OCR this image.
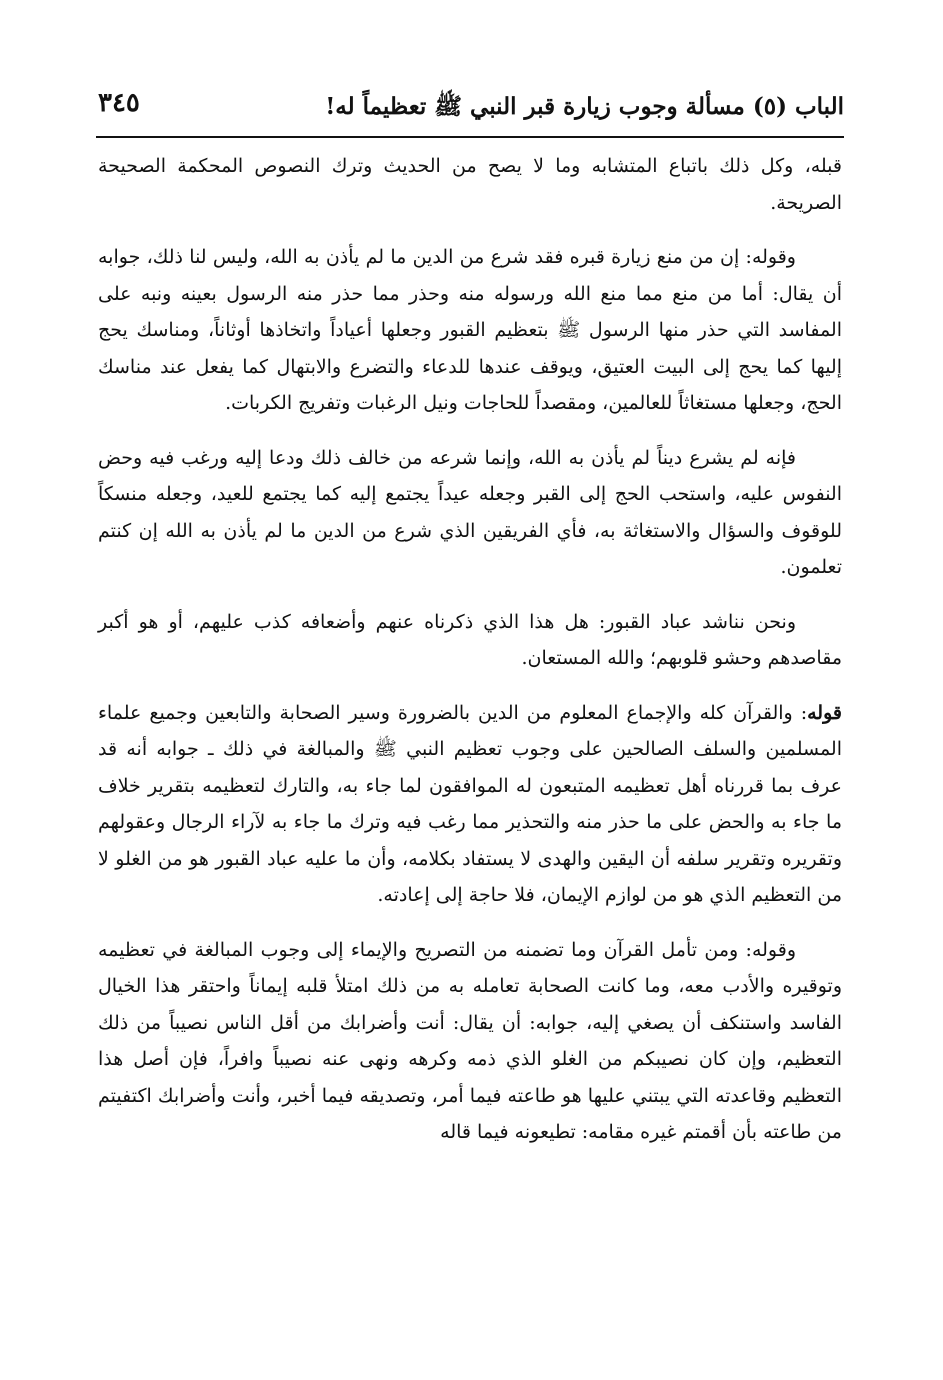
الباب (٥) مسألة وجوب زيارة قبر النبي ﷺ تعظيماً له!
٣٤٥

قبله، وكل ذلك باتباع المتشابه وما لا يصح من الحديث وترك النصوص المحكمة الصحيحة الصريحة.

وقوله: إن من منع زيارة قبره فقد شرع من الدين ما لم يأذن به الله، وليس لنا ذلك، جوابه أن يقال: أما من منع مما منع الله ورسوله منه وحذر مما حذر منه الرسول بعينه ونبه على المفاسد التي حذر منها الرسول ﷺ بتعظيم القبور وجعلها أعياداً واتخاذها أوثاناً، ومناسك يحج إليها كما يحج إلى البيت العتيق، ويوقف عندها للدعاء والتضرع والابتهال كما يفعل عند مناسك الحج، وجعلها مستغاثاً للعالمين، ومقصداً للحاجات ونيل الرغبات وتفريج الكربات.

فإنه لم يشرع ديناً لم يأذن به الله، وإنما شرعه من خالف ذلك ودعا إليه ورغب فيه وحض النفوس عليه، واستحب الحج إلى القبر وجعله عيداً يجتمع إليه كما يجتمع للعيد، وجعله منسكاً للوقوف والسؤال والاستغاثة به، فأي الفريقين الذي شرع من الدين ما لم يأذن به الله إن كنتم تعلمون.

ونحن نناشد عباد القبور: هل هذا الذي ذكرناه عنهم وأضعافه كذب عليهم، أو هو أكبر مقاصدهم وحشو قلوبهم؛ والله المستعان.

قوله: والقرآن كله والإجماع المعلوم من الدين بالضرورة وسير الصحابة والتابعين وجميع علماء المسلمين والسلف الصالحين على وجوب تعظيم النبي ﷺ والمبالغة في ذلك ـ جوابه أنه قد عرف بما قررناه أهل تعظيمه المتبعون له الموافقون لما جاء به، والتارك لتعظيمه بتقرير خلاف ما جاء به والحض على ما حذر منه والتحذير مما رغب فيه وترك ما جاء به لآراء الرجال وعقولهم وتقريره وتقرير سلفه أن اليقين والهدى لا يستفاد بكلامه، وأن ما عليه عباد القبور هو من الغلو لا من التعظيم الذي هو من لوازم الإيمان، فلا حاجة إلى إعادته.

وقوله: ومن تأمل القرآن وما تضمنه من التصريح والإيماء إلى وجوب المبالغة في تعظيمه وتوقيره والأدب معه، وما كانت الصحابة تعامله به من ذلك امتلأ قلبه إيماناً واحتقر هذا الخيال الفاسد واستنكف أن يصغي إليه، جوابه: أن يقال: أنت وأضرابك من أقل الناس نصيباً من ذلك التعظيم، وإن كان نصيبكم من الغلو الذي ذمه وكرهه ونهى عنه نصيباً وافراً، فإن أصل هذا التعظيم وقاعدته التي يبتني عليها هو طاعته فيما أمر، وتصديقه فيما أخبر، وأنت وأضرابك اكتفيتم من طاعته بأن أقمتم غيره مقامه: تطيعونه فيما قاله
